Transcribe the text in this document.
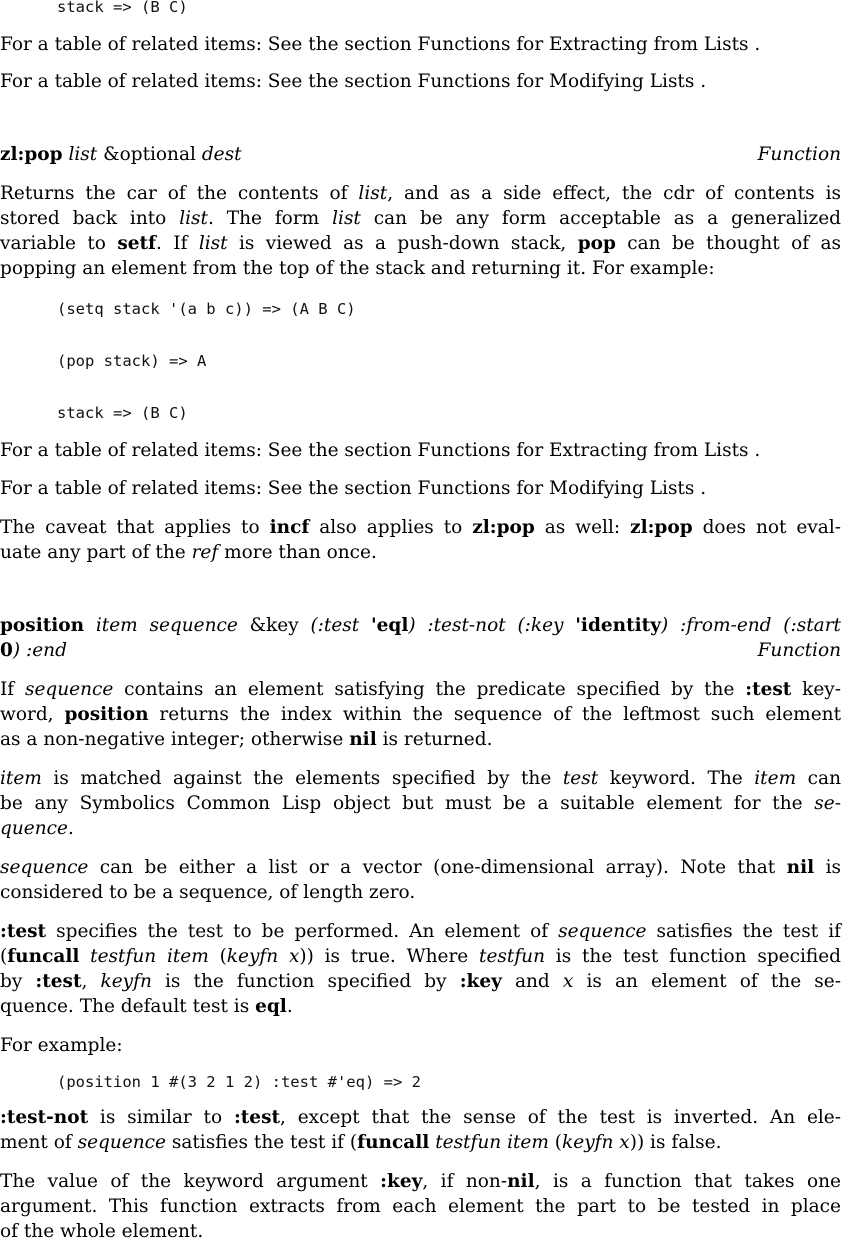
stack => (B C)
For a table of related items: See the section Functions for Extracting from Lists .
For a table of related items: See the section Functions for Modifying Lists .
zl:pop list &optional dest	Function
Returns the car of the contents of list, and as a side effect, the cdr of contents is
stored back into list. The form list can be any form acceptable as a generalized
variable to setf. If list is viewed as a push-down stack, pop can be thought of as
popping an element from the top of the stack and returning it. For example:
(setq stack '(a b c)) => (A B C)
(pop stack) => A
stack => (B C)
For a table of related items: See the section Functions for Extracting from Lists .
For a table of related items: See the section Functions for Modifying Lists .
The caveat that applies to incf also applies to zl:pop as well: zl:pop does not eval-
uate any part of the ref more than once.
position item sequence &key (:test 'eql) :test-not (:key 'identity) :from-end (:start
0) :end	Function
If sequence contains an element satisfying the predicate specified by the :test key-
word, position returns the index within the sequence of the leftmost such element
as a non-negative integer; otherwise nil is returned.
item is matched against the elements specified by the test keyword. The item can
be any Symbolics Common Lisp object but must be a suitable element for the se-
quence.
sequence can be either a list or a vector (one-dimensional array). Note that nil is
considered to be a sequence, of length zero.
:test specifies the test to be performed. An element of sequence satisfies the test if
(funcall testfun item (keyfn x)) is true. Where testfun is the test function specified
by :test, keyfn is the function specified by :key and x is an element of the se-
quence. The default test is eql.
For example:
(position 1 #(3 2 1 2) :test #'eq) => 2
:test-not is similar to :test, except that the sense of the test is inverted. An ele-
ment of sequence satisfies the test if (funcall testfun item (keyfn x)) is false.
The value of the keyword argument :key, if non-nil, is a function that takes one
argument. This function extracts from each element the part to be tested in place
of the whole element.
